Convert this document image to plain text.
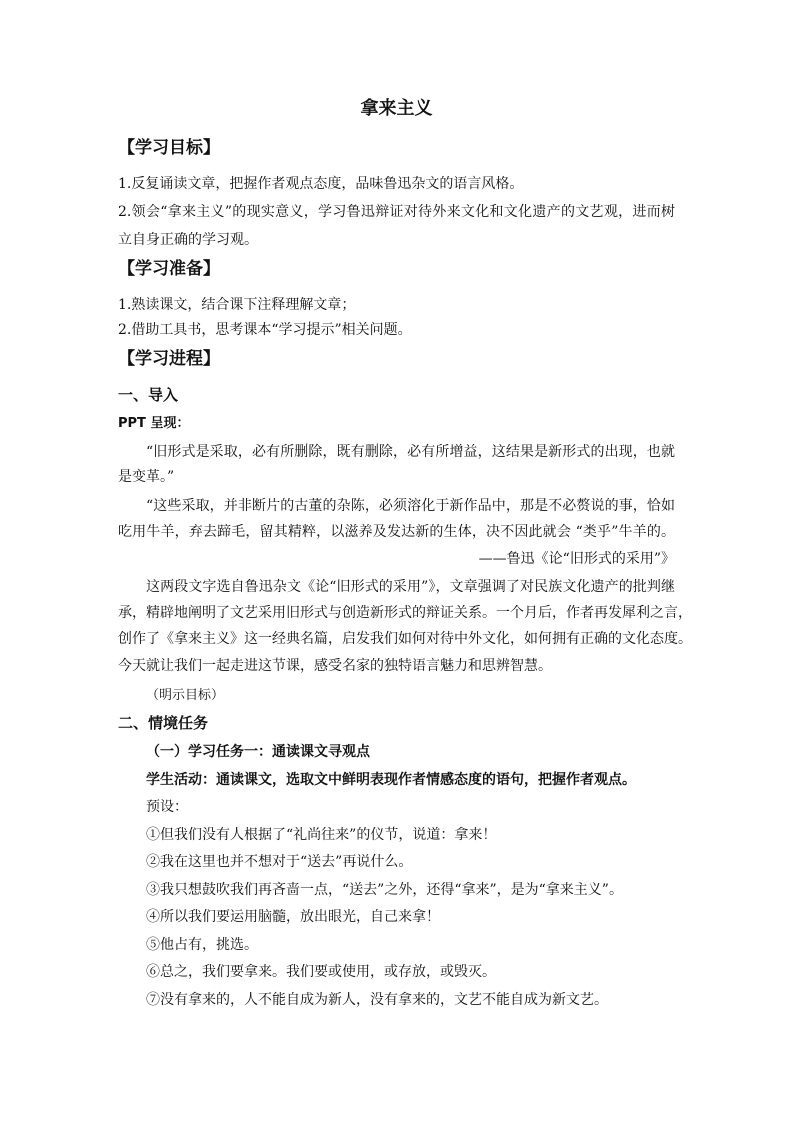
拿来主义
【学习目标】
1.反复诵读文章，把握作者观点态度，品味鲁迅杂文的语言风格。
2.领会“拿来主义”的现实意义，学习鲁迅辩证对待外来文化和文化遗产的文艺观，进而树
立自身正确的学习观。
【学习准备】
1.熟读课文，结合课下注释理解文章；
2.借助工具书，思考课本“学习提示”相关问题。
【学习进程】
一、导入
PPT 呈现：
“旧形式是采取，必有所删除，既有删除，必有所增益，这结果是新形式的出现，也就
是变革。”
“这些采取，并非断片的古董的杂陈，必须溶化于新作品中，那是不必赘说的事，恰如
吃用牛羊，弃去蹄毛，留其精粹，以滋养及发达新的生体，决不因此就会 “类乎”牛羊的。
——鲁迅《论“旧形式的采用”》
这两段文字选自鲁迅杂文《论“旧形式的采用”》，文章强调了对民族文化遗产的批判继
承，精辟地阐明了文艺采用旧形式与创造新形式的辩证关系。一个月后，作者再发犀利之言，
创作了《拿来主义》这一经典名篇，启发我们如何对待中外文化，如何拥有正确的文化态度。
今天就让我们一起走进这节课，感受名家的独特语言魅力和思辨智慧。
（明示目标）
二、情境任务
（一）学习任务一：通读课文寻观点
学生活动：通读课文，选取文中鲜明表现作者情感态度的语句，把握作者观点。
预设：
①但我们没有人根据了“礼尚往来”的仪节，说道：拿来！
②我在这里也并不想对于“送去”再说什么。
③我只想鼓吹我们再吝啬一点，“送去”之外，还得“拿来”，是为“拿来主义”。
④所以我们要运用脑髓，放出眼光，自己来拿！
⑤他占有，挑选。
⑥总之，我们要拿来。我们要或使用，或存放，或毁灭。
⑦没有拿来的，人不能自成为新人，没有拿来的，文艺不能自成为新文艺。
